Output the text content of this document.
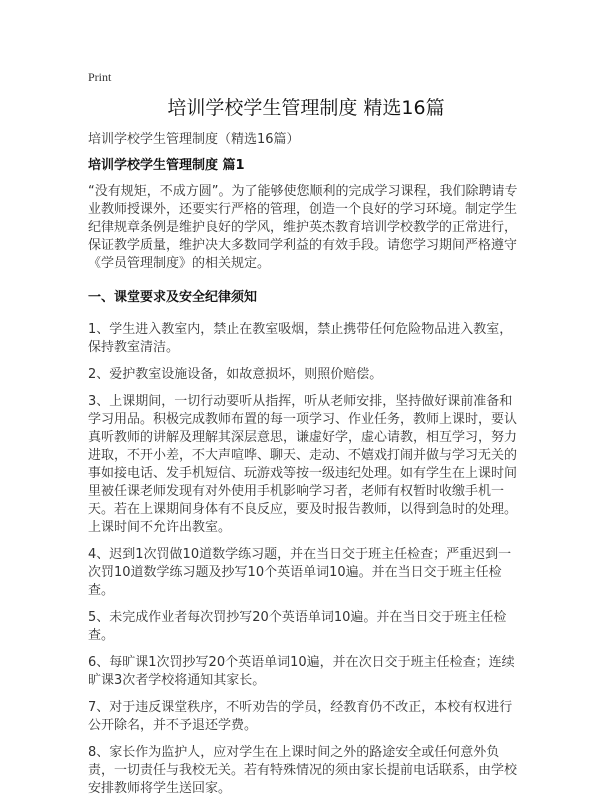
Print
培训学校学生管理制度 精选16篇
培训学校学生管理制度（精选16篇）
培训学校学生管理制度 篇1

“没有规矩，不成方圆”。为了能够使您顺利的完成学习课程，我们除聘请专业教师授课外，还要实行严格的管理，创造一个良好的学习环境。制定学生纪律规章条例是维护良好的学风，维护英杰教育培训学校教学的正常进行，保证教学质量，维护决大多数同学利益的有效手段。请您学习期间严格遵守《学员管理制度》的相关规定。

一、课堂要求及安全纪律须知

1、学生进入教室内，禁止在教室吸烟，禁止携带任何危险物品进入教室，保持教室清洁。

2、爱护教室设施设备，如故意损坏，则照价赔偿。

3、上课期间，一切行动要听从指挥，听从老师安排，坚持做好课前准备和学习用品。积极完成教师布置的每一项学习、作业任务，教师上课时，要认真听教师的讲解及理解其深层意思，谦虚好学，虚心请教，相互学习，努力进取，不开小差，不大声喧哗、聊天、走动、不嬉戏打闹并做与学习无关的事如接电话、发手机短信、玩游戏等按一级违纪处理。如有学生在上课时间里被任课老师发现有对外使用手机影响学习者，老师有权暂时收缴手机一天。若在上课期间身体有不良反应，要及时报告教师，以得到急时的处理。上课时间不允许出教室。

4、迟到1次罚做10道数学练习题，并在当日交于班主任检查；严重迟到一次罚10道数学练习题及抄写10个英语单词10遍。并在当日交于班主任检查。

5、未完成作业者每次罚抄写20个英语单词10遍。并在当日交于班主任检查。

6、每旷课1次罚抄写20个英语单词10遍，并在次日交于班主任检查；连续旷课3次者学校将通知其家长。

7、对于违反课堂秩序，不听劝告的学员，经教育仍不改正，本校有权进行公开除名，并不予退还学费。

8、家长作为监护人，应对学生在上课时间之外的路途安全或任何意外负责，一切责任与我校无关。若有特殊情况的须由家长提前电话联系，由学校安排教师将学生送回家。
